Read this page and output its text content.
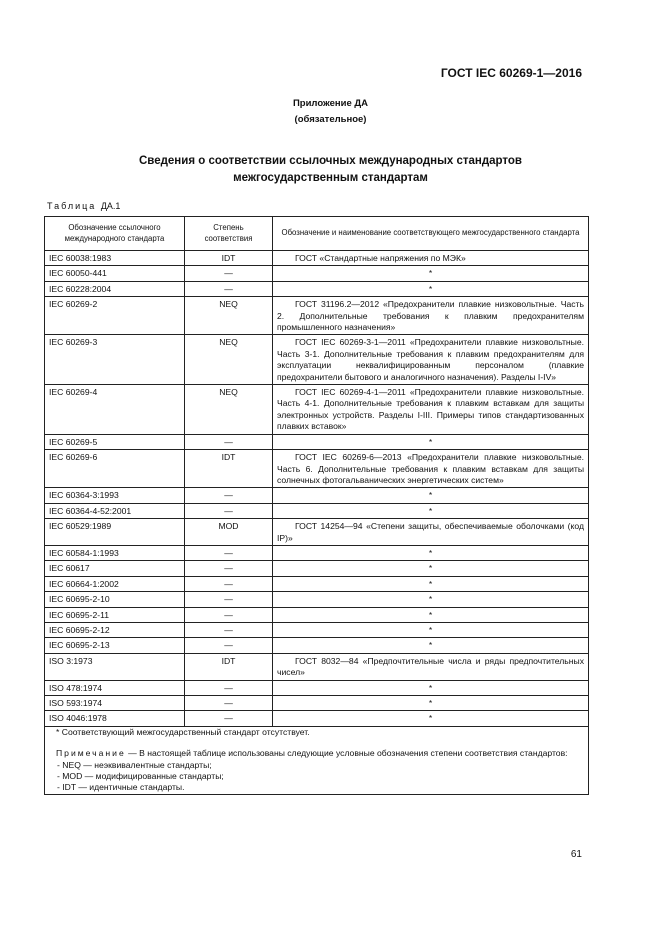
ГОСТ IEC 60269-1—2016
Приложение ДА
(обязательное)
Сведения о соответствии ссылочных международных стандартов
межгосударственным стандартам
Таблица ДА.1
Обозначение ссылочного международного стандарта	Степень соответствия	Обозначение и наименование соответствующего межгосударственного стандарта
IEC 60038:1983	IDT	ГОСТ «Стандартные напряжения по МЭК»

IEC 60050-441	—	*
IEC 60228:2004	—	*
IEC 60269-2	NEQ	ГОСТ 31196.2—2012 «Предохранители плавкие низковольтные. Часть 2. Дополнительные требования к плавким предохранителям промышленного назначения»

IEC 60269-3	NEQ	ГОСТ IEC 60269-3-1—2011 «Предохранители плавкие низковольтные. Часть 3-1. Дополнительные требования к плавким предохранителям для эксплуатации неквалифицированным персоналом (плавкие предохранители бытового и аналогичного назначения). Разделы I-IV»

IEC 60269-4	NEQ	ГОСТ IEC 60269-4-1—2011 «Предохранители плавкие низковольтные. Часть 4-1. Дополнительные требования к плавким вставкам для защиты электронных устройств. Разделы I-III. Примеры типов стандартизованных плавких вставок»

IEC 60269-5	—	*
IEC 60269-6	IDT	ГОСТ IEC 60269-6—2013 «Предохранители плавкие низковольтные. Часть 6. Дополнительные требования к плавким вставкам для защиты солнечных фотогальванических энергетических систем»

IEC 60364-3:1993	—	*
IEC 60364-4-52:2001	—	*
IEC 60529:1989	MOD	ГОСТ 14254—94 «Степени защиты, обеспечиваемые оболочками (код IP)»

IEC 60584-1:1993	—	*
IEC 60617	—	*
IEC 60664-1:2002	—	*
IEC 60695-2-10	—	*
IEC 60695-2-11	—	*
IEC 60695-2-12	—	*
IEC 60695-2-13	—	*
ISO 3:1973	IDT	ГОСТ 8032—84 «Предпочтительные числа и ряды предпочтительных чисел»

ISO 478:1974	—	*
ISO 593:1974	—	*
ISO 4046:1978	—	*

* Соответствующий межгосударственный стандарт отсутствует.
Примечание — В настоящей таблице использованы следующие условные обозначения степени соответствия стандартов:
- NEQ — неэквивалентные стандарты;
- MOD — модифицированные стандарты;
- IDT — идентичные стандарты.		
61
